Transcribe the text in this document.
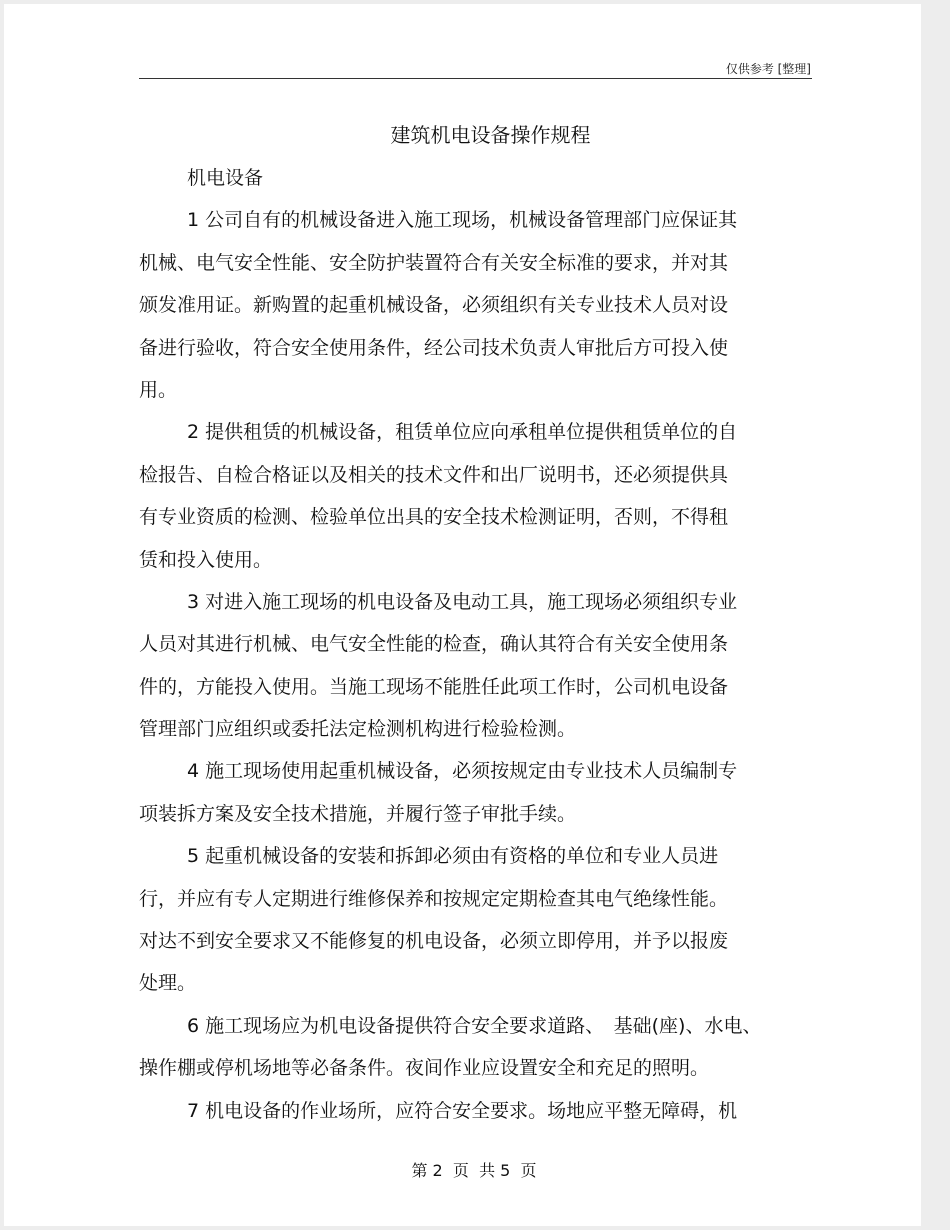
仅供参考 [整理]
建筑机电设备操作规程
机电设备
1 公司自有的机械设备进入施工现场，机械设备管理部门应保证其
机械、电气安全性能、安全防护装置符合有关安全标准的要求，并对其
颁发准用证。新购置的起重机械设备，必须组织有关专业技术人员对设
备进行验收，符合安全使用条件，经公司技术负责人审批后方可投入使
用。
2 提供租赁的机械设备，租赁单位应向承租单位提供租赁单位的自
检报告、自检合格证以及相关的技术文件和出厂说明书，还必须提供具
有专业资质的检测、检验单位出具的安全技术检测证明，否则，不得租
赁和投入使用。
3 对进入施工现场的机电设备及电动工具，施工现场必须组织专业
人员对其进行机械、电气安全性能的检查，确认其符合有关安全使用条
件的，方能投入使用。当施工现场不能胜任此项工作时，公司机电设备
管理部门应组织或委托法定检测机构进行检验检测。
4 施工现场使用起重机械设备，必须按规定由专业技术人员编制专
项装拆方案及安全技术措施，并履行签子审批手续。
5 起重机械设备的安装和拆卸必须由有资格的单位和专业人员进
行，并应有专人定期进行维修保养和按规定定期检查其电气绝缘性能。
对达不到安全要求又不能修复的机电设备，必须立即停用，并予以报废
处理。
6 施工现场应为机电设备提供符合安全要求道路、　基础(座)、水电、
操作棚或停机场地等必备条件。夜间作业应设置安全和充足的照明。
7 机电设备的作业场所，应符合安全要求。场地应平整无障碍，机
第 2  页  共 5  页
